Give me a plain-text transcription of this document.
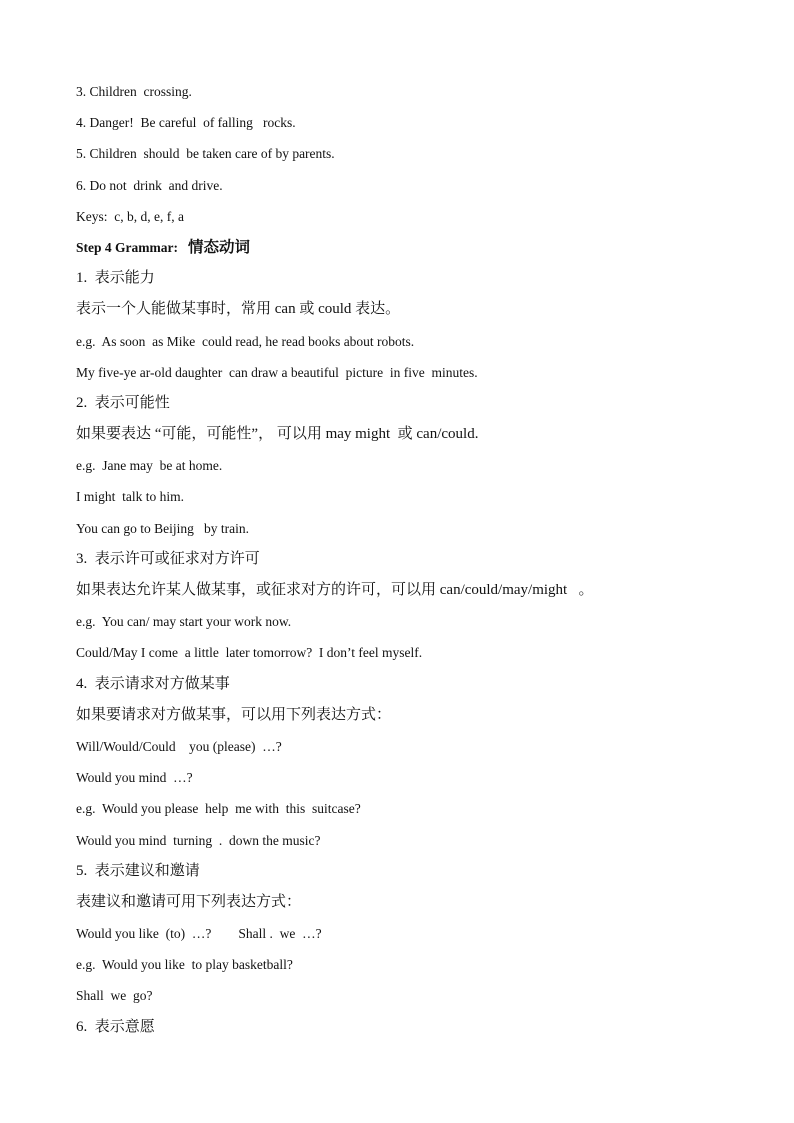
3. Children  crossing.
4. Danger!  Be careful  of falling   rocks.
5. Children  should  be taken care of by parents.
6. Do not  drink  and drive.
Keys:  c, b, d, e, f, a
Step 4 Grammar: 情态动词
1.  表示能力
表示一个人能做某事时，常用 can 或 could 表达。
e.g.  As soon  as Mike  could read, he read books about robots.
My five-ye ar-old daughter  can draw a beautiful  picture  in five  minutes.
2.  表示可能性
如果要表达 “可能，可能性”， 可以用 may might  或 can/could.
e.g.  Jane may  be at home.
I might  talk to him.
You can go to Beijing   by train.
3.  表示许可或征求对方许可
如果表达允许某人做某事，或征求对方的许可，可以用 can/could/may/might   。
e.g.  You can/ may start your work now.
Could/May I come  a little  later tomorrow?  I don’t feel myself.
4.  表示请求对方做某事
如果要请求对方做某事，可以用下列表达方式：
Will/Would/Could    you (please)  …?
Would you mind  …?
e.g.  Would you please  help  me with  this  suitcase?
Would you mind  turning  .  down the music?
5.  表示建议和邀请
表建议和邀请可用下列表达方式：
Would you like  (to)  …?        Shall .  we  …?
e.g.  Would you like  to play basketball?
Shall  we  go?
6.  表示意愿
